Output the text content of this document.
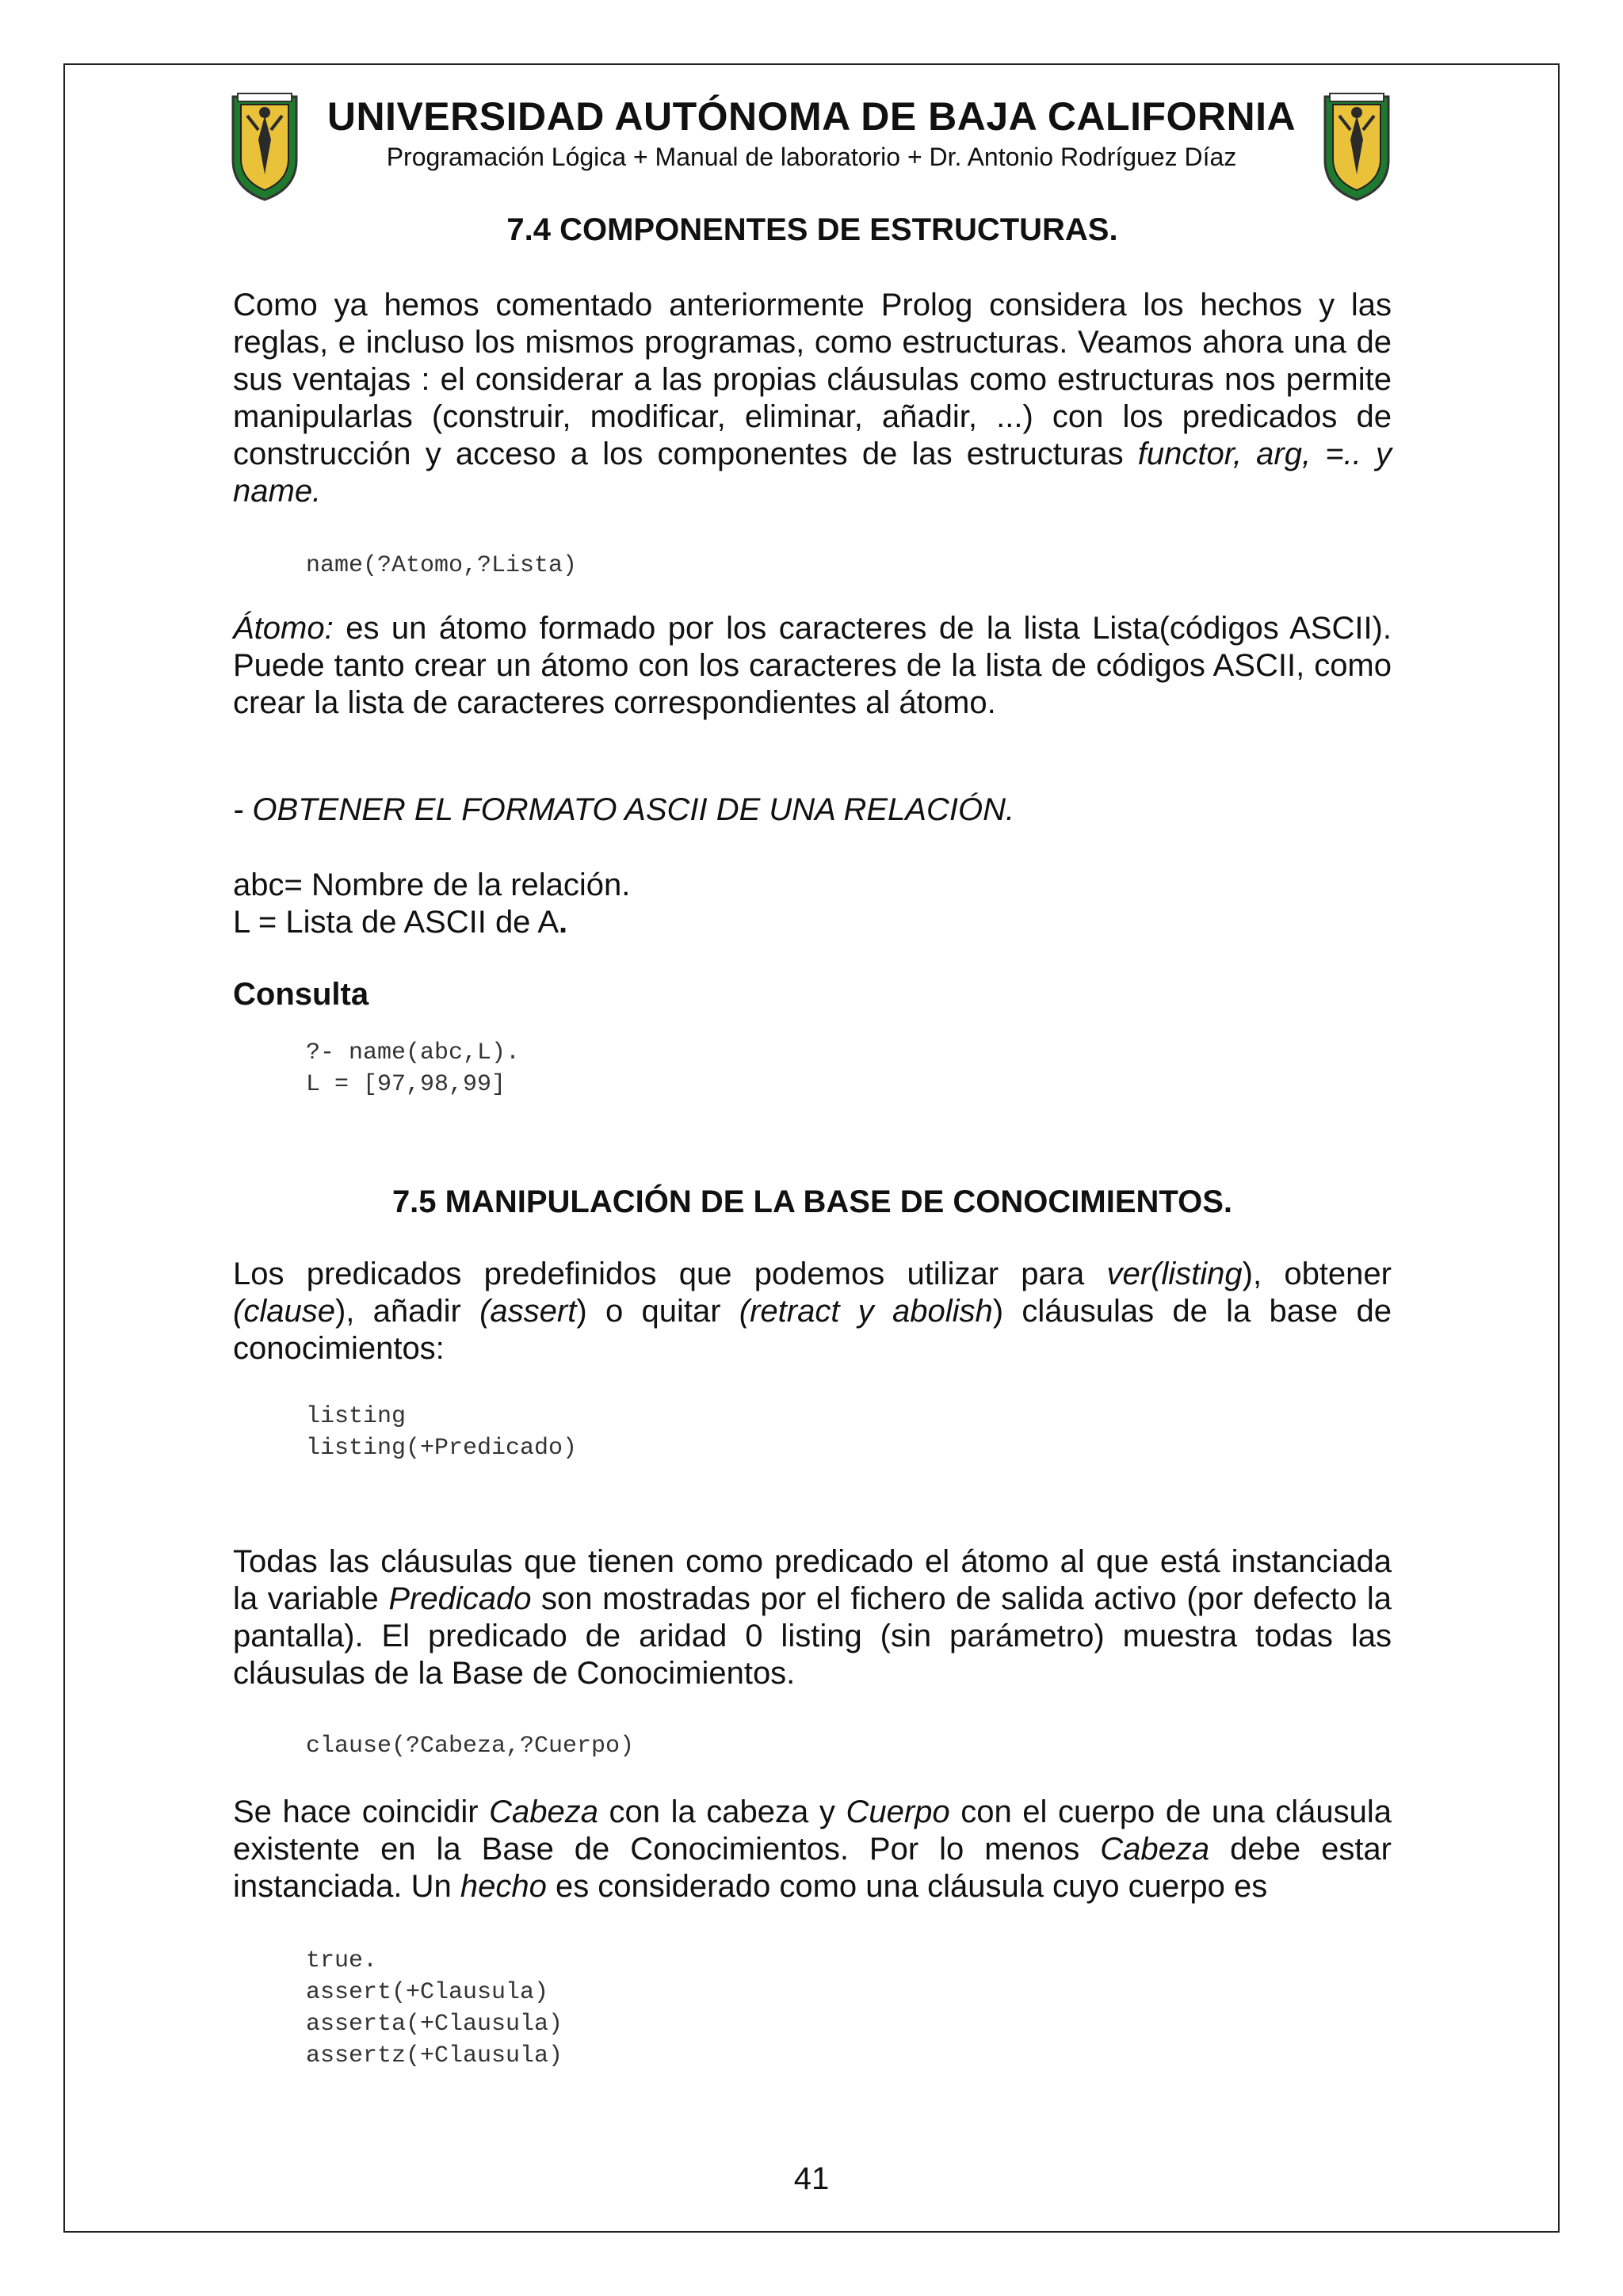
UNIVERSIDAD AUTÓNOMA DE BAJA CALIFORNIA
Programación Lógica + Manual de laboratorio + Dr. Antonio Rodríguez Díaz
7.4 COMPONENTES DE ESTRUCTURAS.

Como ya hemos comentado anteriormente Prolog considera los hechos y las reglas, e incluso los mismos programas, como estructuras. Veamos ahora una de sus ventajas : el considerar a las propias cláusulas como estructuras nos permite manipularlas (construir, modificar, eliminar, añadir, ...) con los predicados de construcción y acceso a los componentes de las estructuras functor, arg, =.. y name.

name(?Atomo,?Lista)

Átomo: es un átomo formado por los caracteres de la lista Lista(códigos ASCII). Puede tanto crear un átomo con los caracteres de la lista de códigos ASCII, como crear la lista de caracteres correspondientes al átomo.

- OBTENER EL FORMATO ASCII DE UNA RELACIÓN.

abc= Nombre de la relación.

L = Lista de ASCII de A.

Consulta

?- name(abc,L).
L = [97,98,99]
7.5 MANIPULACIÓN DE LA BASE DE CONOCIMIENTOS.

Los predicados predefinidos que podemos utilizar para ver(listing), obtener (clause), añadir (assert) o quitar (retract y abolish) cláusulas de la base de conocimientos:

listing
listing(+Predicado)

Todas las cláusulas que tienen como predicado el átomo al que está instanciada la variable Predicado son mostradas por el fichero de salida activo (por defecto la pantalla). El predicado de aridad 0 listing (sin parámetro) muestra todas las cláusulas de la Base de Conocimientos.

clause(?Cabeza,?Cuerpo)

Se hace coincidir Cabeza con la cabeza y Cuerpo con el cuerpo de una cláusula existente en la Base de Conocimientos. Por lo menos Cabeza debe estar instanciada. Un hecho es considerado como una cláusula cuyo cuerpo es

true.
assert(+Clausula)
asserta(+Clausula)
assertz(+Clausula)
41
